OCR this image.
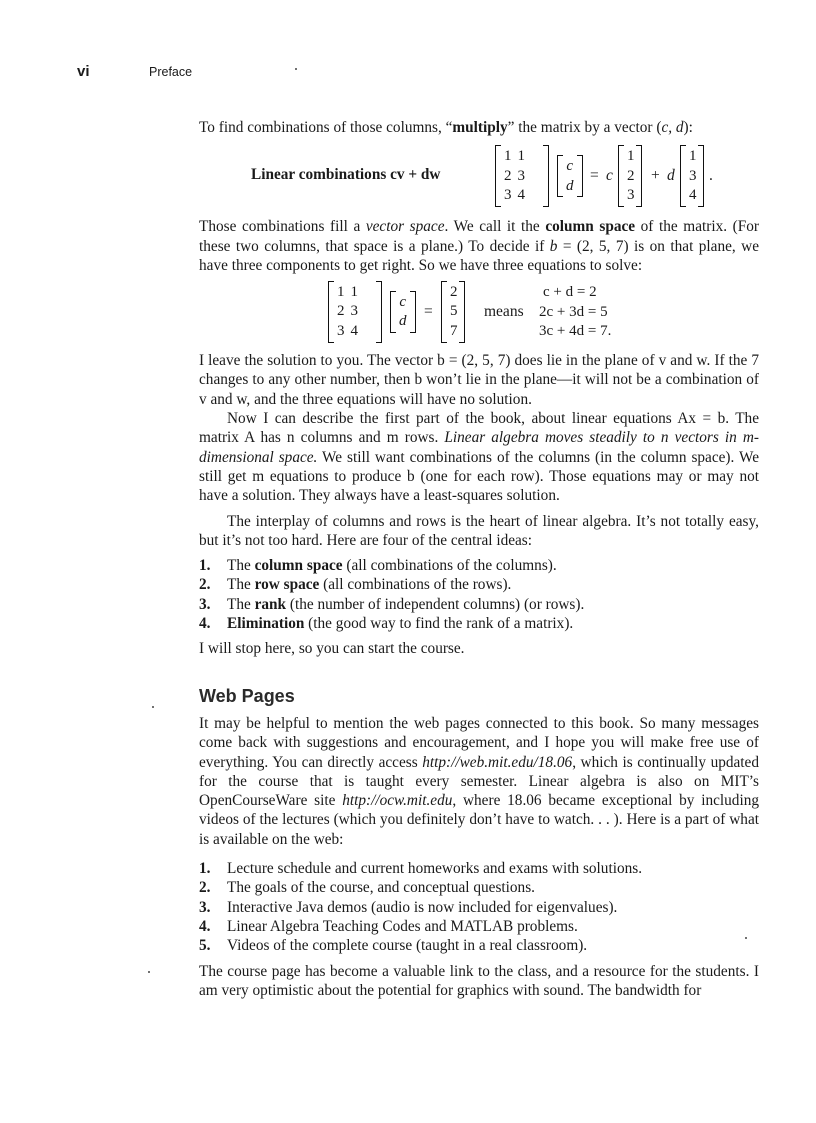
vi	Preface

To find combinations of those columns, “multiply” the matrix by a vector (c, d):

Linear combinations cv + dw
1	1
2	3
3	4
c
d
= c
1
2
3
+ d
1
3
4
.

Those combinations fill a vector space. We call it the column space of the matrix. (For these two columns, that space is a plane.) To decide if b = (2, 5, 7) is on that plane, we have three components to get right. So we have three equations to solve:

1	1
2	3
3	4
c
d
=
2
5
7
means
c + d = 2
2c + 3d = 5
3c + 4d = 7.

I leave the solution to you. The vector b = (2, 5, 7) does lie in the plane of v and w. If the 7 changes to any other number, then b won’t lie in the plane—it will not be a combination of v and w, and the three equations will have no solution.

Now I can describe the first part of the book, about linear equations Ax = b. The matrix A has n columns and m rows. Linear algebra moves steadily to n vectors in m-dimensional space. We still want combinations of the columns (in the column space). We still get m equations to produce b (one for each row). Those equations may or may not have a solution. They always have a least-squares solution.

The interplay of columns and rows is the heart of linear algebra. It’s not totally easy, but it’s not too hard. Here are four of the central ideas:

1. The column space (all combinations of the columns).
2. The row space (all combinations of the rows).
3. The rank (the number of independent columns) (or rows).
4. Elimination (the good way to find the rank of a matrix).

I will stop here, so you can start the course.

Web Pages

It may be helpful to mention the web pages connected to this book. So many messages come back with suggestions and encouragement, and I hope you will make free use of everything. You can directly access http://web.mit.edu/18.06, which is continually updated for the course that is taught every semester. Linear algebra is also on MIT’s OpenCourseWare site http://ocw.mit.edu, where 18.06 became exceptional by including videos of the lectures (which you definitely don’t have to watch. . . ). Here is a part of what is available on the web:

1. Lecture schedule and current homeworks and exams with solutions.
2. The goals of the course, and conceptual questions.
3. Interactive Java demos (audio is now included for eigenvalues).
4. Linear Algebra Teaching Codes and MATLAB problems.
5. Videos of the complete course (taught in a real classroom).

The course page has become a valuable link to the class, and a resource for the students. I am very optimistic about the potential for graphics with sound. The bandwidth for
